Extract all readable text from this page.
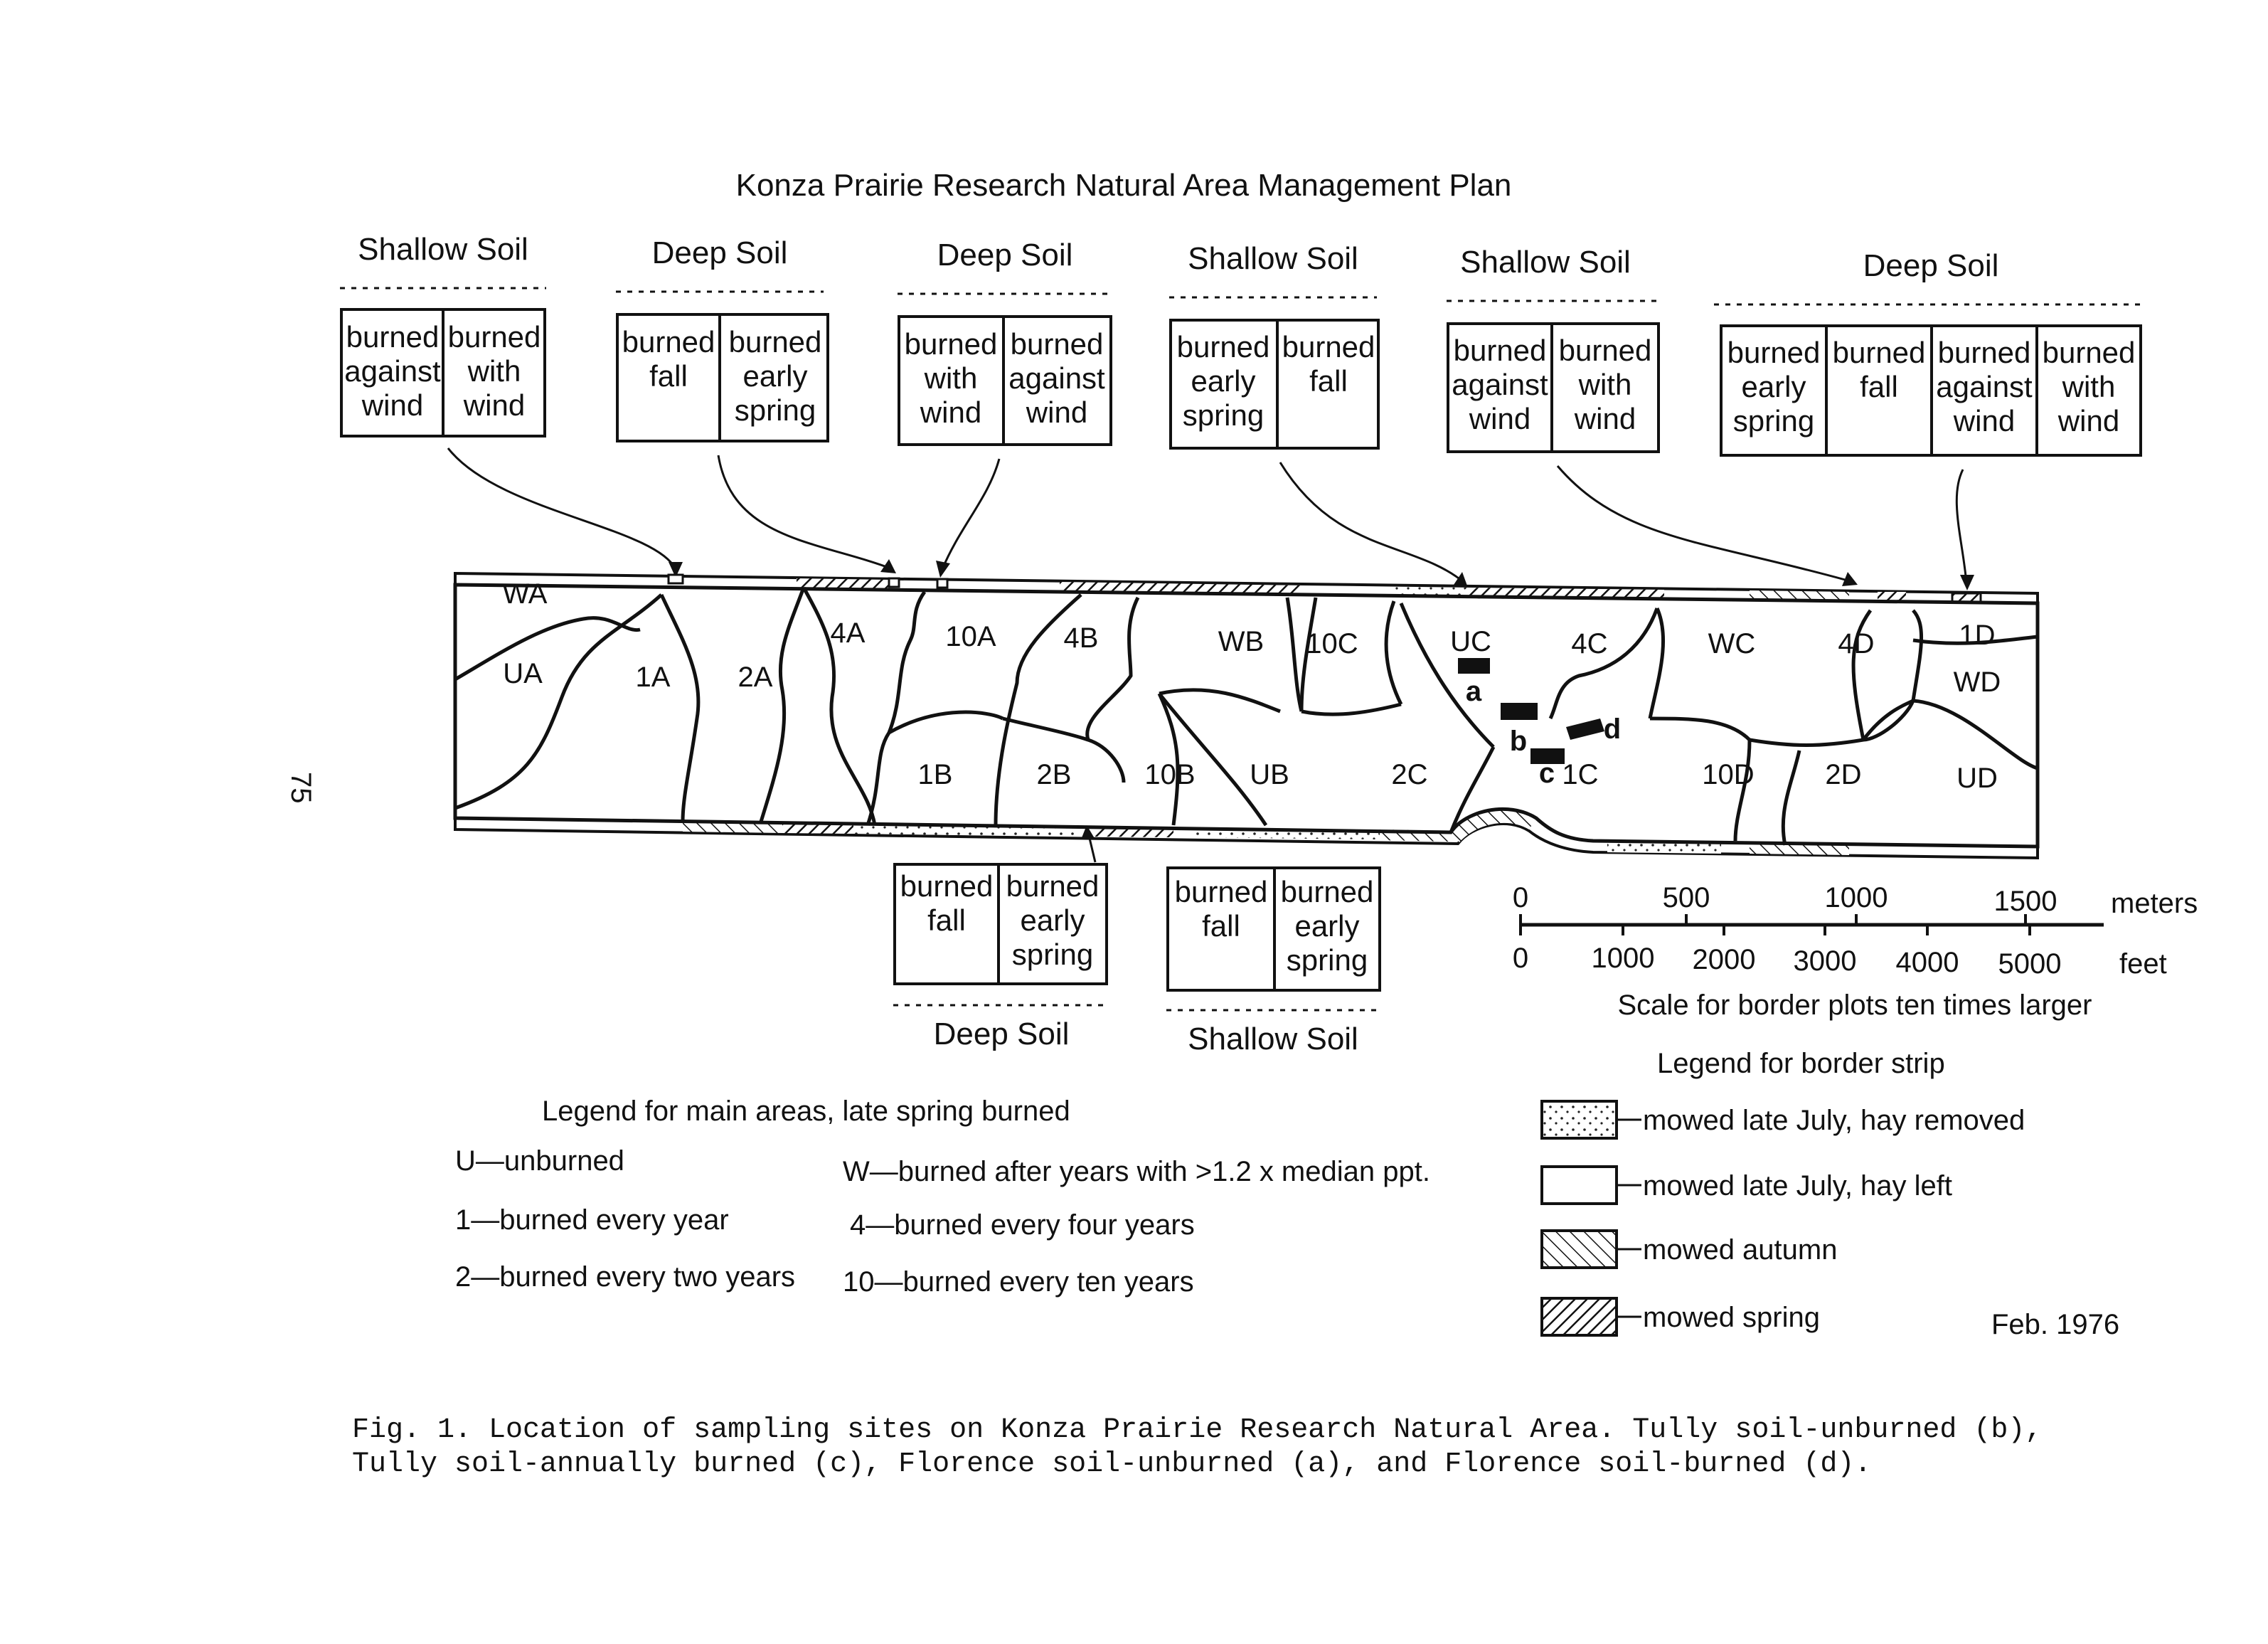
Konza Prairie Research Natural Area Management Plan
Shallow Soil
burned against wind
burned with wind
Deep Soil
burned fall
burned early spring
Deep Soil
burned with wind
burned against wind
Shallow Soil
burned early spring
burned fall
Shallow Soil
burned against wind
burned with wind
Deep Soil
burned early spring
burned fall
burned against wind
burned with wind
a
b
c
d
WA
UA	1A 2A
4A	10A 4B	WB 10C	UC	4C	WC	4D	1D
WD
UD
1B	2B	10B UB	2C	1C	10D 2D
burned fall
burned early spring
Deep Soil
burned fall
burned early spring
Shallow Soil
0	500	1000	1500 meters
0 1000 2000 3000 4000 5000 feet
Scale for border plots ten times larger
Legend for main areas, late spring burned
U—unburned
1—burned every year
2—burned every two years
W—burned after years with >1.2 x median ppt.
4—burned every four years
10—burned every ten years
Legend for border strip
mowed late July, hay removed
mowed late July, hay left
mowed autumn
mowed spring	Feb. 1976
75
Fig. 1. Location of sampling sites on Konza Prairie Research Natural Area. Tully soil-unburned (b),
Tully soil-annually burned (c), Florence soil-unburned (a), and Florence soil-burned (d).
